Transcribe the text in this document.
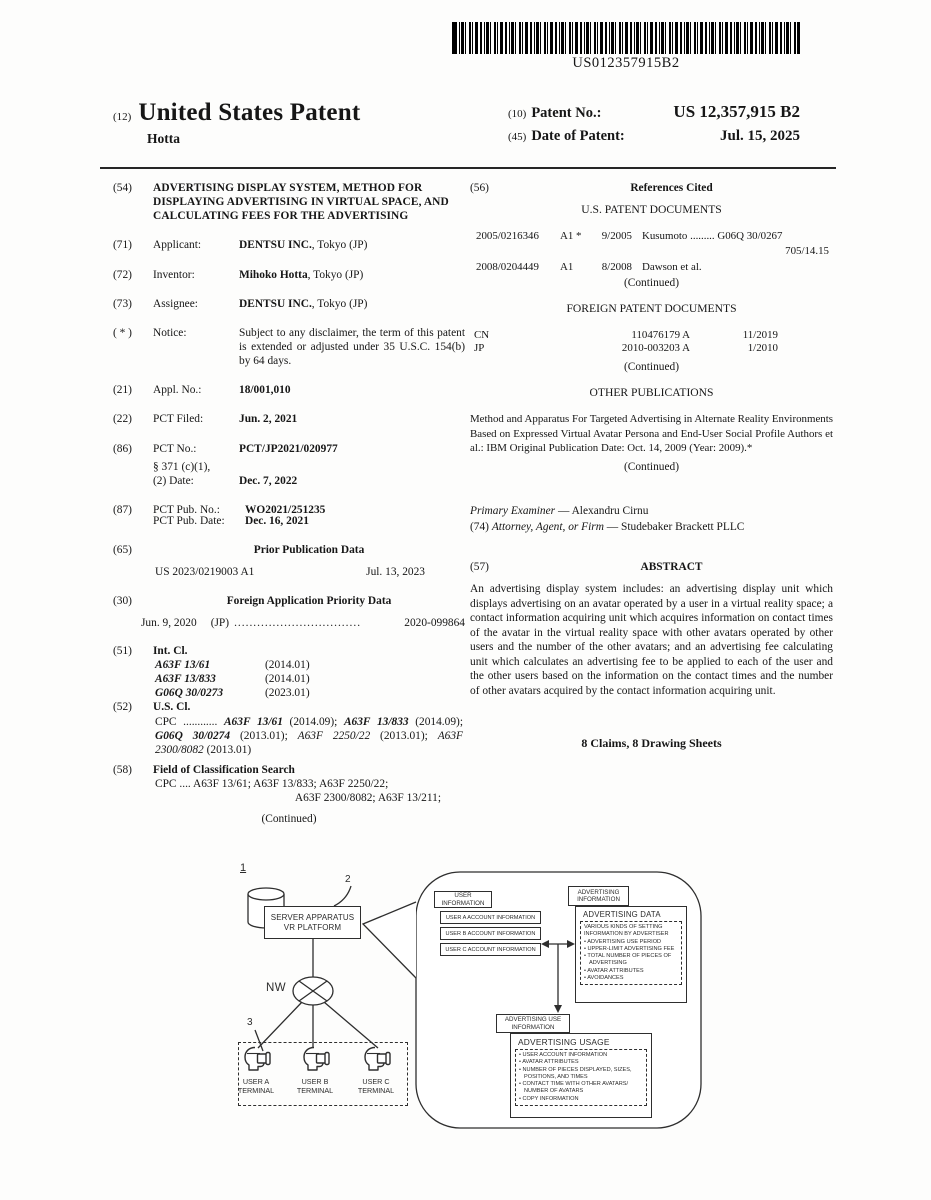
US012357915B2
(12) United States Patent
Hotta
(10) Patent No.:	US 12,357,915 B2
(45) Date of Patent:	Jul. 15, 2025
(54)	ADVERTISING DISPLAY SYSTEM, METHOD FOR DISPLAYING ADVERTISING IN VIRTUAL SPACE, AND CALCULATING FEES FOR THE ADVERTISING
(71)	Applicant:	DENTSU INC., Tokyo (JP)
(72)	Inventor:	Mihoko Hotta, Tokyo (JP)
(73)	Assignee:	DENTSU INC., Tokyo (JP)
( * )	Notice:	Subject to any disclaimer, the term of this patent is extended or adjusted under 35 U.S.C. 154(b) by 64 days.
(21)	Appl. No.:	18/001,010
(22)	PCT Filed:	Jun. 2, 2021
(86)	PCT No.:	PCT/JP2021/020977
§ 371 (c)(1),
(2) Date:	Dec. 7, 2022
(87)	PCT Pub. No.:	WO2021/251235
PCT Pub. Date:	Dec. 16, 2021
(65)	Prior Publication Data
US 2023/0219003 A1	Jul. 13, 2023
(30)	Foreign Application Priority Data
Jun. 9, 2020 (JP) .................................	2020-099864
(51)	Int. Cl.
A63F 13/61	(2014.01)
A63F 13/833	(2014.01)
G06Q 30/0273	(2023.01)
(52)	U.S. Cl.
CPC ............ A63F 13/61 (2014.09); A63F 13/833 (2014.09); G06Q 30/0274 (2013.01); A63F 2250/22 (2013.01); A63F 2300/8082 (2013.01)
(58)	Field of Classification Search
CPC .... A63F 13/61; A63F 13/833; A63F 2250/22;
A63F 2300/8082; A63F 13/211;
(Continued)
(56)	References Cited
U.S. PATENT DOCUMENTS
2005/0216346	A1 *	9/2005 Kusumoto ......... G06Q 30/0267
705/14.15
2008/0204449	A1	8/2008 Dawson et al.
(Continued)
FOREIGN PATENT DOCUMENTS
CN	110476179 A	11/2019
JP	2010-003203 A	1/2010
(Continued)
OTHER PUBLICATIONS
Method and Apparatus For Targeted Advertising in Alternate Reality Environments Based on Expressed Virtual Avatar Persona and End-User Social Profile Authors et al.: IBM Original Publication Date: Oct. 14, 2009 (Year: 2009).*
(Continued)
Primary Examiner — Alexandru Cirnu
(74) Attorney, Agent, or Firm — Studebaker Brackett PLLC
(57)	ABSTRACT
An advertising display system includes: an advertising display unit which displays advertising on an avatar operated by a user in a virtual reality space; a contact information acquiring unit which acquires information on contact times of the avatar in the virtual reality space with other avatars operated by other users and the number of the other avatars; and an advertising fee calculating unit which calculates an advertising fee to be applied to each of the user and the other users based on the information on the contact times and the number of other avatars acquired by the contact information acquiring unit.
8 Claims, 8 Drawing Sheets
1
2
3
NW
SERVER APPARATUS
VR PLATFORM
USER A
TERMINAL
USER B
TERMINAL
USER C
TERMINAL
USER
INFORMATION
USER A ACCOUNT INFORMATION
USER B ACCOUNT INFORMATION
USER C ACCOUNT INFORMATION
ADVERTISING
INFORMATION
ADVERTISING DATA
VARIOUS KINDS OF SETTING INFORMATION BY ADVERTISER
• ADVERTISING USE PERIOD
• UPPER-LIMIT ADVERTISING FEE
• TOTAL NUMBER OF PIECES OF ADVERTISING
• AVATAR ATTRIBUTES
• AVOIDANCES
ADVERTISING USE
INFORMATION
ADVERTISING USAGE
• USER ACCOUNT INFORMATION
• AVATAR ATTRIBUTES
• NUMBER OF PIECES DISPLAYED, SIZES, POSITIONS, AND TIMES
• CONTACT TIME WITH OTHER AVATARS/ NUMBER OF AVATARS
• COPY INFORMATION
